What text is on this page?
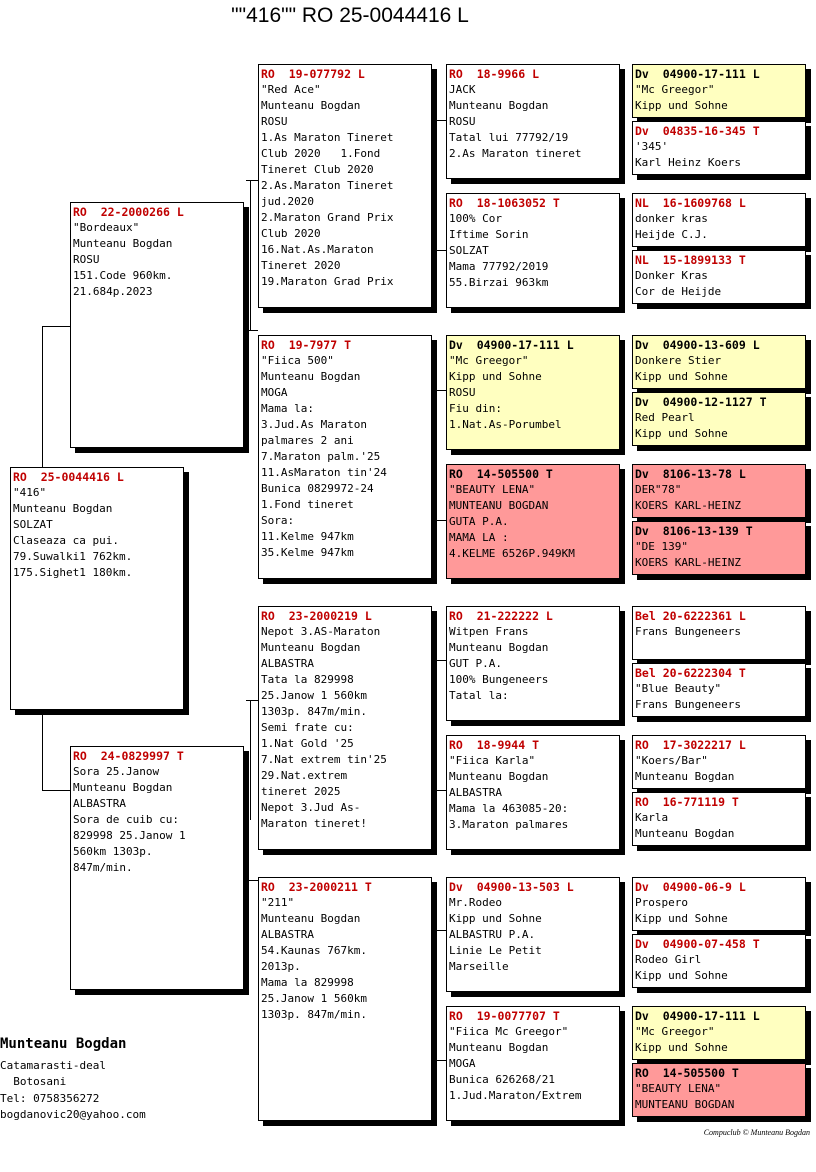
""416"" RO 25-0044416 L
RO  25-0044416 L
"416"
Munteanu Bogdan
SOLZAT
Claseaza ca pui.
79.Suwalki1 762km.
175.Sighet1 180km.
RO  22-2000266 L
"Bordeaux"
Munteanu Bogdan
ROSU
151.Code 960km.
21.684p.2023
RO  24-0829997 T
Sora 25.Janow
Munteanu Bogdan
ALBASTRA
Sora de cuib cu:
829998 25.Janow 1
560km 1303p.
847m/min.
RO  19-077792 L
"Red Ace"
Munteanu Bogdan
ROSU
1.As Maraton Tineret
Club 2020   1.Fond
Tineret Club 2020
2.As.Maraton Tineret
jud.2020
2.Maraton Grand Prix
Club 2020
16.Nat.As.Maraton
Tineret 2020
19.Maraton Grad Prix
RO  19-7977 T
"Fiica 500"
Munteanu Bogdan
MOGA
Mama la:
3.Jud.As Maraton
palmares 2 ani
7.Maraton palm.'25
11.AsMaraton tin'24
Bunica 0829972-24
1.Fond tineret
Sora:
11.Kelme 947km
35.Kelme 947km
RO  23-2000219 L
Nepot 3.AS-Maraton
Munteanu Bogdan
ALBASTRA
Tata la 829998
25.Janow 1 560km
1303p. 847m/min.
Semi frate cu:
1.Nat Gold '25
7.Nat extrem tin'25
29.Nat.extrem
tineret 2025
Nepot 3.Jud As-
Maraton tineret!
RO  23-2000211 T
"211"
Munteanu Bogdan
ALBASTRA
54.Kaunas 767km.
2013p.
Mama la 829998
25.Janow 1 560km
1303p. 847m/min.
RO  18-9966 L
JACK
Munteanu Bogdan
ROSU
Tatal lui 77792/19
2.As Maraton tineret
RO  18-1063052 T
100% Cor
Iftime Sorin
SOLZAT
Mama 77792/2019
55.Birzai 963km
Dv  04900-17-111 L
"Mc Greegor"
Kipp und Sohne
ROSU
Fiu din:
1.Nat.As-Porumbel
RO  14-505500 T
"BEAUTY LENA"
MUNTEANU BOGDAN
GUTA P.A.
MAMA LA :
4.KELME 6526P.949KM
RO  21-222222 L
Witpen Frans
Munteanu Bogdan
GUT P.A.
100% Bungeneers
Tatal la:
RO  18-9944 T
"Fiica Karla"
Munteanu Bogdan
ALBASTRA
Mama la 463085-20:
3.Maraton palmares
Dv  04900-13-503 L
Mr.Rodeo
Kipp und Sohne
ALBASTRU P.A.
Linie Le Petit
Marseille
RO  19-0077707 T
"Fiica Mc Greegor"
Munteanu Bogdan
MOGA
Bunica 626268/21
1.Jud.Maraton/Extrem
Dv  04900-17-111 L
"Mc Greegor"
Kipp und Sohne
Dv  04835-16-345 T
'345'
Karl Heinz Koers
NL  16-1609768 L
donker kras
Heijde C.J.
NL  15-1899133 T
Donker Kras
Cor de Heijde
Dv  04900-13-609 L
Donkere Stier
Kipp und Sohne
Dv  04900-12-1127 T
Red Pearl
Kipp und Sohne
Dv  8106-13-78 L
DER"78"
KOERS KARL-HEINZ
Dv  8106-13-139 T
"DE 139"
KOERS KARL-HEINZ
Bel 20-6222361 L
Frans Bungeneers
Bel 20-6222304 T
"Blue Beauty"
Frans Bungeneers
RO  17-3022217 L
"Koers/Bar"
Munteanu Bogdan
RO  16-771119 T
Karla
Munteanu Bogdan
Dv  04900-06-9 L
Prospero
Kipp und Sohne
Dv  04900-07-458 T
Rodeo Girl
Kipp und Sohne
Dv  04900-17-111 L
"Mc Greegor"
Kipp und Sohne
RO  14-505500 T
"BEAUTY LENA"
MUNTEANU BOGDAN
Munteanu Bogdan
Catamarasti-deal
Botosani
Tel: 0758356272
bogdanovic20@yahoo.com
Compuclub © Munteanu Bogdan
